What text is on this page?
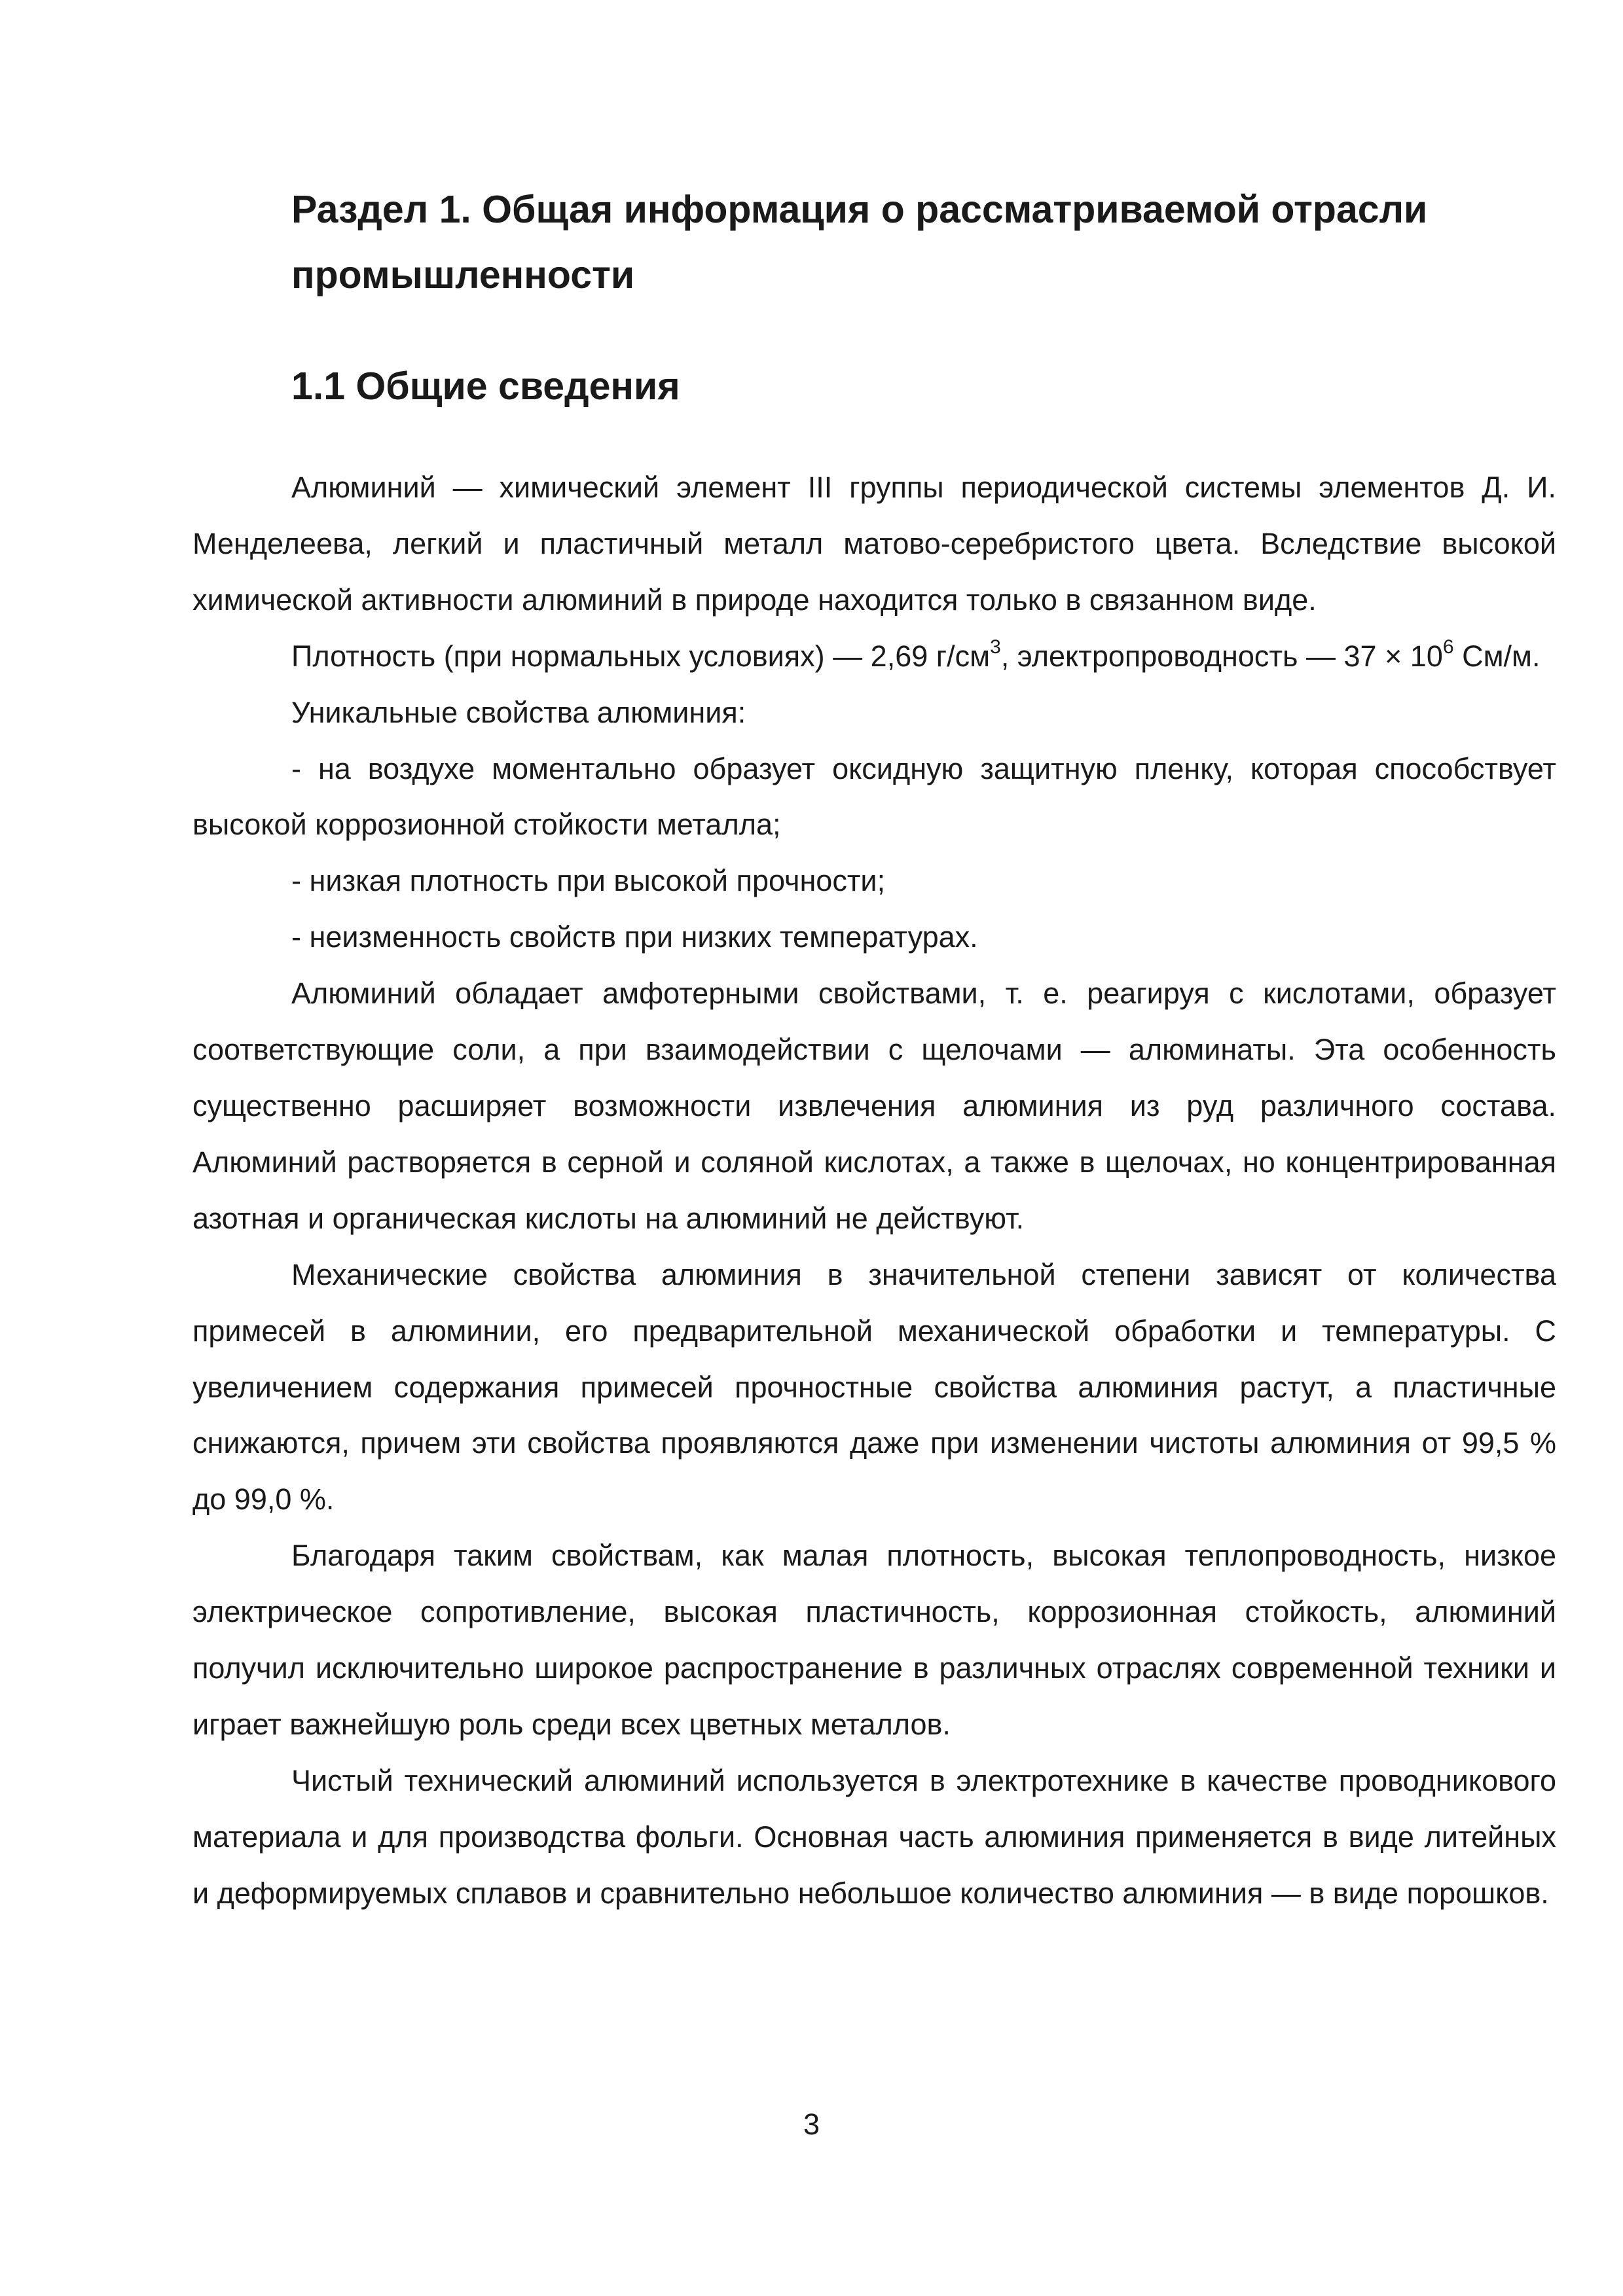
Раздел 1. Общая информация о рассматриваемой отрасли промышленности
1.1 Общие сведения

Алюминий — химический элемент III группы периодической системы элементов Д. И. Менделеева, легкий и пластичный металл матово-серебристого цвета. Вследствие высокой химической активности алюминий в природе находится только в связанном виде.

Плотность (при нормальных условиях) — 2,69 $г/см^3$, электропроводность — $37 \times 10^6$ См/м.

Уникальные свойства алюминия:

- на воздухе моментально образует оксидную защитную пленку, которая способствует высокой коррозионной стойкости металла;

- низкая плотность при высокой прочности;

- неизменность свойств при низких температурах.

Алюминий обладает амфотерными свойствами, т. е. реагируя с кислотами, образует соответствующие соли, а при взаимодействии с щелочами — алюминаты. Эта особенность существенно расширяет возможности извлечения алюминия из руд различного состава. Алюминий растворяется в серной и соляной кислотах, а также в щелочах, но концентрированная азотная и органическая кислоты на алюминий не действуют.

Механические свойства алюминия в значительной степени зависят от количества примесей в алюминии, его предварительной механической обработки и температуры. С увеличением содержания примесей прочностные свойства алюминия растут, а пластичные снижаются, причем эти свойства проявляются даже при изменении чистоты алюминия от 99,5 % до 99,0 %.

Благодаря таким свойствам, как малая плотность, высокая теплопроводность, низкое электрическое сопротивление, высокая пластичность, коррозионная стойкость, алюминий получил исключительно широкое распространение в различных отраслях современной техники и играет важнейшую роль среди всех цветных металлов.

Чистый технический алюминий используется в электротехнике в качестве проводникового материала и для производства фольги. Основная часть алюминия применяется в виде литейных и деформируемых сплавов и сравнительно небольшое количество алюминия — в виде порошков.

3
